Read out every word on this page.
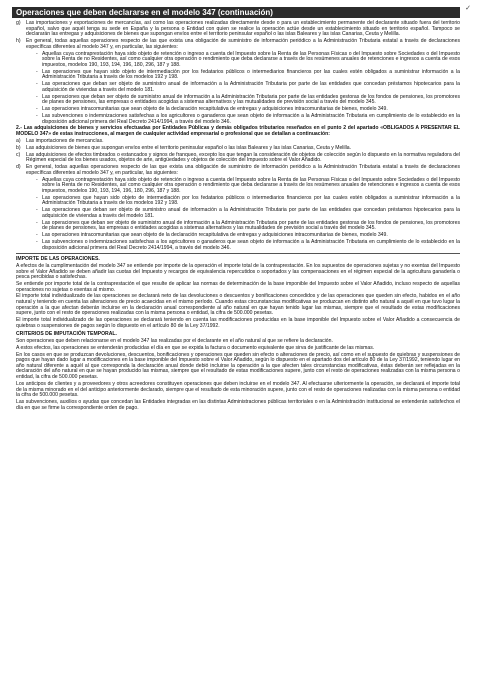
✓
Operaciones que deben declararse en el modelo 347 (continuación)
g)	Las importaciones y exportaciones de mercancías, así como las operaciones realizadas directamente desde o para un establecimiento permanente del declarante situado fuera del territorio español, salvo que aquél tenga su sede en España y la persona o Entidad con quien se realice la operación actúe desde un establecimiento situado en territorio español. Tampoco se declararán las entregas y adquisiciones de bienes que supongan envíos entre el territorio peninsular español o las islas Baleares y las islas Canarias, Ceuta y Melilla.
h)	En general, todas aquellas operaciones respecto de las que exista una obligación de suministro de información periódico a la Administración Tributaria estatal a través de declaraciones específicas diferentes al modelo 347 y, en particular, las siguientes:
- Aquellas cuya contraprestación haya sido objeto de retención o ingreso a cuenta del Impuesto sobre la Renta de las Personas Físicas o del Impuesto sobre Sociedades o del Impuesto sobre la Renta de no Residentes, así como cualquier otra operación o rendimiento que deba declararse a través de los resúmenes anuales de retenciones e ingresos a cuenta de esos impuestos, modelos 190, 193, 194, 196, 180, 296, 187 y 188.
- Las operaciones que hayan sido objeto de intermediación por los fedatarios públicos o intermediarios financieros por las cuales estén obligados a suministrar información a la Administración Tributaria a través de los modelos 192 y 198.
- Las operaciones que deban ser objeto de suministro anual de información a la Administración Tributaria por parte de las entidades que concedan préstamos hipotecarios para la adquisición de viviendas a través del modelo 181.
- Las operaciones que deban ser objeto de suministro anual de información a la Administración Tributaria por parte de las entidades gestoras de los fondos de pensiones, los promotores de planes de pensiones, las empresas o entidades acogidas a sistemas alternativos y las mutualidades de previsión social a través del modelo 345.
- Las operaciones intracomunitarias que sean objeto de la declaración recapitulativa de entregas y adquisiciones intracomunitarias de bienes, modelo 349.
- Las subvenciones o indemnizaciones satisfechas a los agricultores o ganaderos que sean objeto de información a la Administración Tributaria en cumplimiento de lo establecido en la disposición adicional primera del Real Decreto 2414/1994, a través del modelo 346.

2.- Las adquisiciones de bienes y servicios efectuadas por Entidades Públicas y demás obligados tributarios reseñados en el punto 2 del apartado «OBLIGADOS A PRESENTAR EL MODELO 347» de estas instrucciones, al margen de cualquier actividad empresarial o profesional que se detallan a continuación:

a)	Las importaciones de mercancías.
b)	Las adquisiciones de bienes que supongan envíos entre el territorio peninsular español o las islas Baleares y las islas Canarias, Ceuta y Melilla.
c)	Las adquisiciones de efectos timbrados o estancados y signos de franqueo, excepto los que tengan la consideración de objetos de colección según lo dispuesto en la normativa reguladora del Régimen especial de los bienes usados, objetos de arte, antigüedades y objetos de colección del Impuesto sobre el Valor Añadido.
d)	En general, todas aquellas operaciones respecto de las que exista una obligación de suministro de información periódico a la Administración Tributaria estatal a través de declaraciones específicas diferentes al modelo 347 y, en particular, las siguientes:
- Aquellas cuya contraprestación haya sido objeto de retención o ingreso a cuenta del Impuesto sobre la Renta de las Personas Físicas o del Impuesto sobre Sociedades o del Impuesto sobre la Renta de no Residentes, así como cualquier otra operación o rendimiento que deba declararse a través de los resúmenes anuales de retenciones e ingresos a cuenta de esos impuestos, modelos 190, 193, 194, 196, 180, 296, 187 y 188.
- Las operaciones que hayan sido objeto de intermediación por los fedatarios públicos o intermediarios financieros por las cuales estén obligados a suministrar información a la Administración Tributaria a través de los modelos 192 y 198.
- Las operaciones que deban ser objeto de suministro anual de información a la Administración Tributaria por parte de las entidades que concedan préstamos hipotecarios para la adquisición de viviendas a través del modelo 181.
- Las operaciones que deban ser objeto de suministro anual de información a la Administración Tributaria por parte de las entidades gestoras de los fondos de pensiones, los promotores de planes de pensiones, las empresas o entidades acogidas a sistemas alternativos y las mutualidades de previsión social a través del modelo 345.
- Las operaciones intracomunitarias que sean objeto de la declaración recapitulativa de entregas y adquisiciones intracomunitarias de bienes, modelo 349.
- Las subvenciones o indemnizaciones satisfechas a los agricultores o ganaderos que sean objeto de información a la Administración Tributaria en cumplimiento de lo establecido en la disposición adicional primera del Real Decreto 2414/1994, a través del modelo 346.
IMPORTE DE LAS OPERACIONES.

A efectos de la cumplimentación del modelo 347 se entiende por importe de la operación el importe total de la contraprestación. En los supuestos de operaciones sujetas y no exentas del Impuesto sobre el Valor Añadido se deben añadir las cuotas del Impuesto y recargos de equivalencia repercutidos o soportados y las compensaciones en el régimen especial de la agricultura ganadería o pesca percibidas o satisfechas.

Se entiende por importe total de la contraprestación el que resulte de aplicar las normas de determinación de la base imponible del Impuesto sobre el Valor Añadido, incluso respecto de aquellas operaciones no sujetas o exentas al mismo.

El importe total individualizado de las operaciones se declarará neto de las devoluciones o descuentos y bonificaciones concedidos y de las operaciones que queden sin efecto, habidos en el año natural y teniendo en cuenta las alteraciones de precio acaecidas en el mismo período. Cuando estas circunstancias modificativas se produzcan en distinto año natural a aquél en que tuvo lugar la operación a la que afectan deberán incluirse en la declaración anual correspondiente al año natural en que hayan tenido lugar las mismas, siempre que el resultado de estas modificaciones supere, junto con el resto de operaciones realizadas con la misma persona o entidad, la cifra de 500.000 pesetas.

El importe total individualizado de las operaciones se declarará teniendo en cuenta las modificaciones producidas en la base imponible del Impuesto sobre el Valor Añadido a consecuencia de quiebras o suspensiones de pagos según lo dispuesto en el artículo 80 de la Ley 37/1992.

CRITERIOS DE IMPUTACIÓN TEMPORAL.

Son operaciones que deben relacionarse en el modelo 347 las realizadas por el declarante en el año natural al que se refiere la declaración.

A estos efectos, las operaciones se entenderán producidas el día en que se expida la factura o documento equivalente que sirva de justificante de las mismas.

En los casos en que se produzcan devoluciones, descuentos, bonificaciones y operaciones que queden sin efecto o alteraciones de precio, así como en el supuesto de quiebras y suspensiones de pagos que hayan dado lugar a modificaciones en la base imponible del Impuesto sobre el Valor Añadido, según lo dispuesto en el apartado dos del artículo 80 de la Ley 37/1992, teniendo lugar en año natural diferente a aquél al que corresponda la declaración anual donde debió incluirse la operación a la que afecten tales circunstancias modificativas, éstas deberán ser reflejadas en la declaración del año natural en que se hayan producido las mismas, siempre que el resultado de estas modificaciones supere, junto con el resto de operaciones realizadas con la misma persona o entidad, la cifra de 500.000 pesetas.

Los anticipos de clientes y a proveedores y otros acreedores constituyen operaciones que deben incluirse en el modelo 347. Al efectuarse ulteriormente la operación, se declarará el importe total de la misma minorado en el del anticipo anteriormente declarado, siempre que el resultado de esta minoración supere, junto con el resto de operaciones realizadas con la misma persona o entidad la cifra de 500.000 pesetas.

Las subvenciones, auxilios o ayudas que concedan las Entidades integradas en las distintas Administraciones públicas territoriales o en la Administración institucional se entenderán satisfechos el día en que se firme la correspondiente orden de pago.
